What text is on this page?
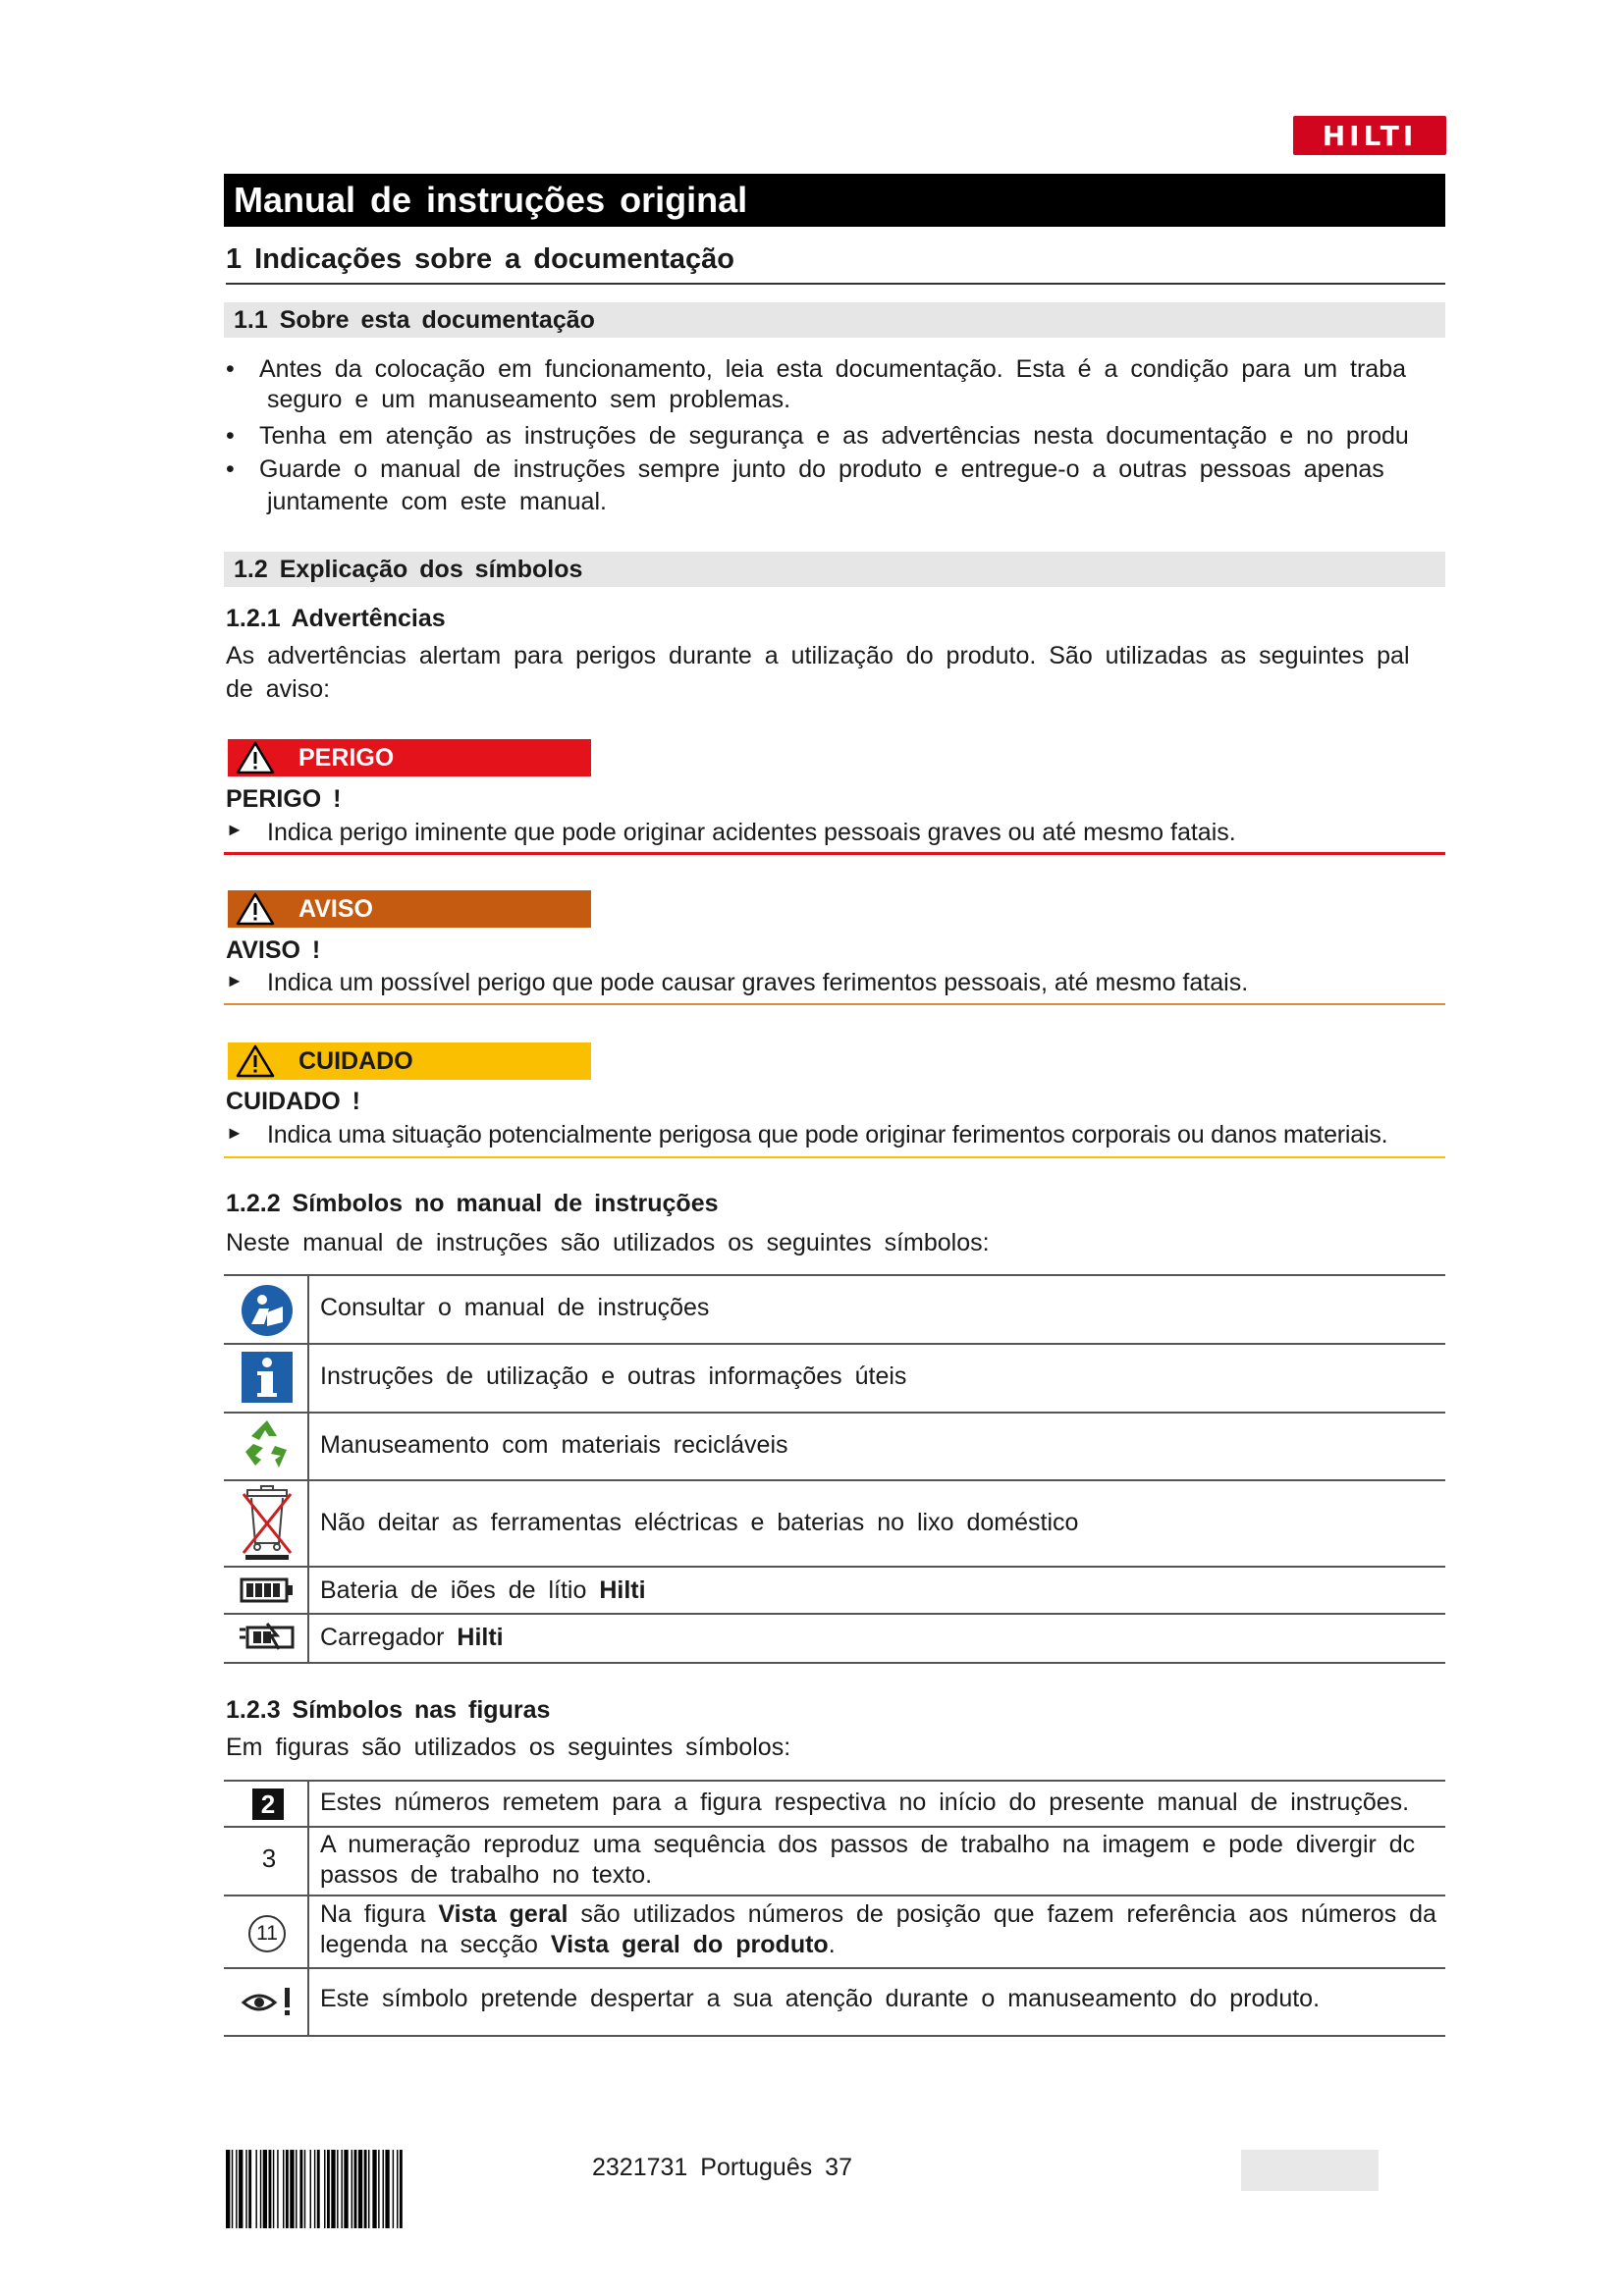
HILTI
Manual de instruções original
1 Indicações sobre a documentação
1.1 Sobre esta documentação
• Antes da colocação em funcionamento, leia esta documentação. Esta é a condição para um traba
seguro e um manuseamento sem problemas.
• Tenha em atenção as instruções de segurança e as advertências nesta documentação e no produ
• Guarde o manual de instruções sempre junto do produto e entregue-o a outras pessoas apenas
juntamente com este manual.
1.2 Explicação dos símbolos
1.2.1 Advertências
As advertências alertam para perigos durante a utilização do produto. São utilizadas as seguintes pal
de aviso:
PERIGO
PERIGO !
► Indica perigo iminente que pode originar acidentes pessoais graves ou até mesmo fatais.
AVISO
AVISO !
► Indica um possível perigo que pode causar graves ferimentos pessoais, até mesmo fatais.
CUIDADO
CUIDADO !
► Indica uma situação potencialmente perigosa que pode originar ferimentos corporais ou danos materiais.
1.2.2 Símbolos no manual de instruções
Neste manual de instruções são utilizados os seguintes símbolos:
Consultar o manual de instruções
Instruções de utilização e outras informações úteis
Manuseamento com materiais recicláveis
Não deitar as ferramentas eléctricas e baterias no lixo doméstico
Bateria de iões de lítio Hilti
Carregador Hilti
1.2.3 Símbolos nas figuras
Em figuras são utilizados os seguintes símbolos:
2
3
11
Estes números remetem para a figura respectiva no início do presente manual de instruções.
A numeração reproduz uma sequência dos passos de trabalho na imagem e pode divergir dc
passos de trabalho no texto.
Na figura Vista geral são utilizados números de posição que fazem referência aos números da
legenda na secção Vista geral do produto.
Este símbolo pretende despertar a sua atenção durante o manuseamento do produto.
2321731 Português 37
